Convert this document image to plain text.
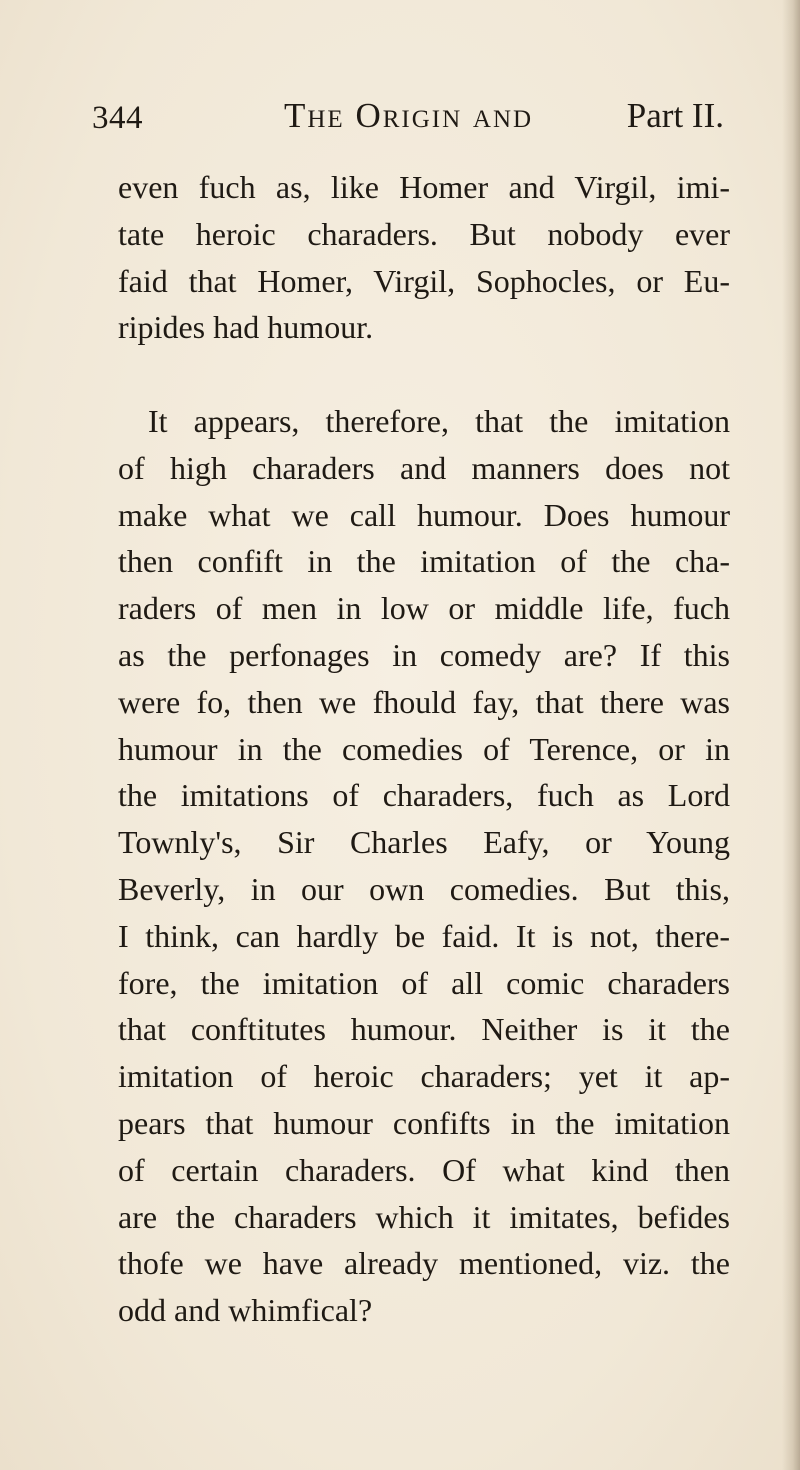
344	The Origin and	Part II.
even fuch as, like Homer and Virgil, imi-
tate heroic charaders. But nobody ever
faid that Homer, Virgil, Sophocles, or Eu-
ripides had humour.
It appears, therefore, that the imitation
of high charaders and manners does not
make what we call humour. Does humour
then confift in the imitation of the cha-
raders of men in low or middle life, fuch
as the perfonages in comedy are? If this
were fo, then we fhould fay, that there was
humour in the comedies of Terence, or in
the imitations of charaders, fuch as Lord
Townly's, Sir Charles Eafy, or Young
Beverly, in our own comedies. But this,
I think, can hardly be faid. It is not, there-
fore, the imitation of all comic charaders
that conftitutes humour. Neither is it the
imitation of heroic charaders; yet it ap-
pears that humour confifts in the imitation
of certain charaders. Of what kind then
are the charaders which it imitates, befides
thofe we have already mentioned, viz. the
odd and whimfical?
